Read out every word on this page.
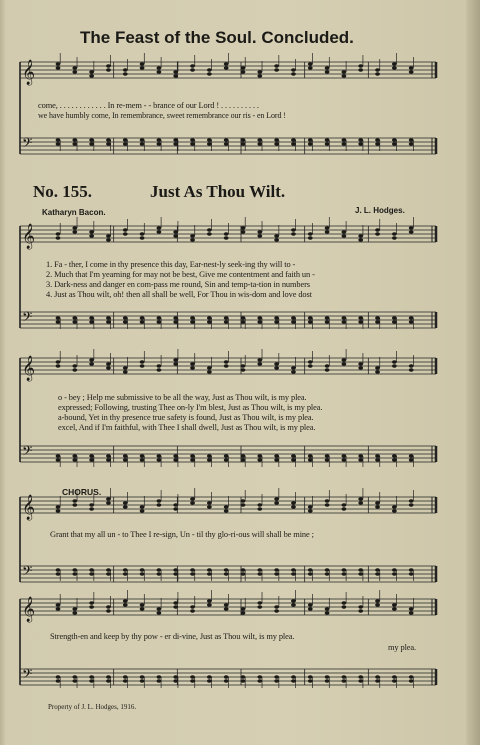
The Feast of the Soul. Concluded.
𝄞
𝄢
𝄞
𝄢
𝄞
𝄢
𝄞
𝄢
𝄞
𝄢
come, . . . . . . . . . . . . In re-mem - - brance of our Lord ! . . . . . . . . . .
we have humbly come, In remembrance, sweet remembrance our ris - en Lord !
No. 155.	Just As Thou Wilt.
Katharyn Bacon.	J. L. Hodges.
1. Fa - ther, I come in thy presence this day, Ear-nest-ly seek-ing thy will to -
2. Much that I'm yearning for may not be best, Give me contentment and faith un -
3. Dark-ness and danger en com-pass me round, Sin and temp-ta-tion in numbers
4. Just as Thou wilt, oh! then all shall be well, For Thou in wis-dom and love dost
o - bey ; Help me submissive to be all the way, Just as Thou wilt, is my plea.
expressed; Following, trusting Thee on-ly I'm blest, Just as Thou wilt, is my plea.
a-bound, Yet in thy presence true safety is found, Just as Thou wilt, is my plea.
excel, And if I'm faithful, with Thee I shall dwell, Just as Thou wilt, is my plea.
CHORUS.
Grant that my all un - to Thee I re-sign, Un - til thy glo-ri-ous will shall be mine ;
Strength-en and keep by thy pow - er di-vine, Just as Thou wilt, is my plea.
my plea.
Property of J. L. Hodges, 1916.
